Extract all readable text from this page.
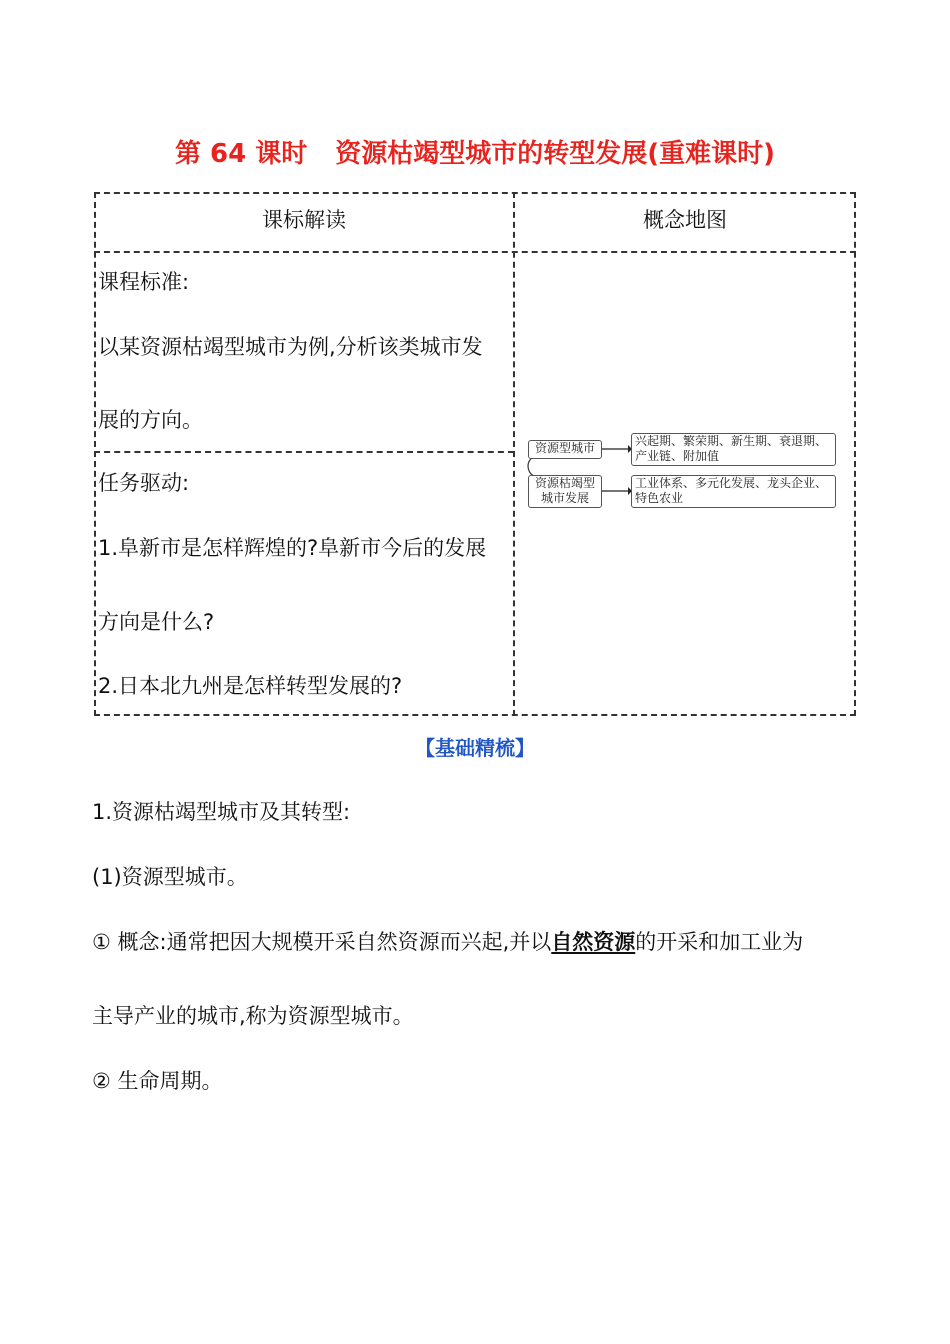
第 64 课时 资源枯竭型城市的转型发展(重难课时)
课标解读	概念地图
课程标准:
以某资源枯竭型城市为例,分析该类城市发
展的方向。
任务驱动:
1.阜新市是怎样辉煌的?阜新市今后的发展
方向是什么?
2.日本北九州是怎样转型发展的?
资源型城市	兴起期、繁荣期、新生期、衰退期、
产业链、附加值
资源枯竭型
城市发展
工业体系、多元化发展、龙头企业、
特色农业
【基础精梳】
1.资源枯竭型城市及其转型:
(1)资源型城市。
① 概念:通常把因大规模开采自然资源而兴起,并以自然资源的开采和加工业为
主导产业的城市,称为资源型城市。
② 生命周期。
